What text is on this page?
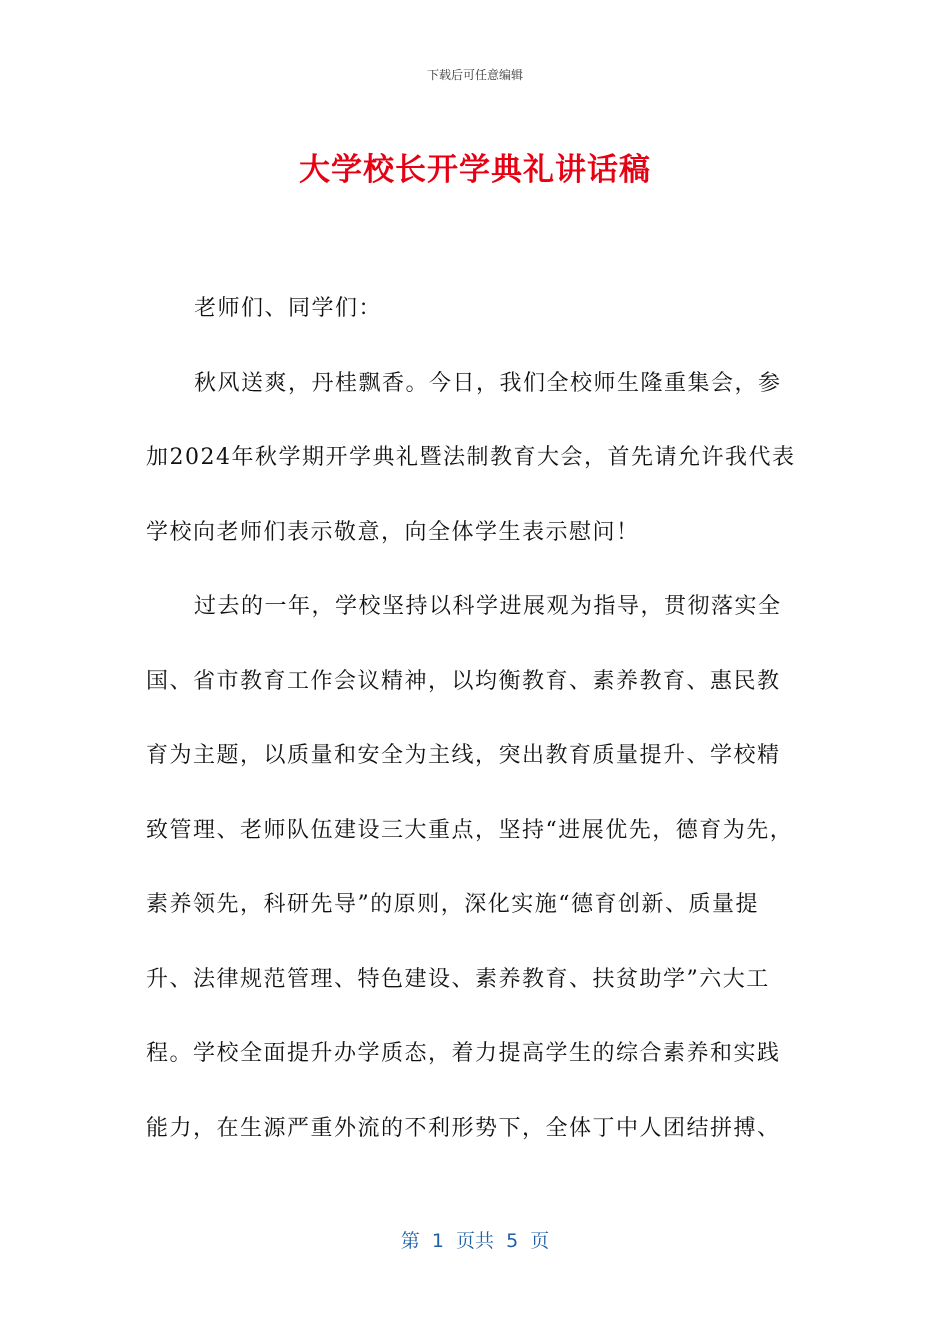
下载后可任意编辑
大学校长开学典礼讲话稿

老师们、同学们：

秋风送爽，丹桂飘香。今日，我们全校师生隆重集会，参

加2024年秋学期开学典礼暨法制教育大会，首先请允许我代表
学校向老师们表示敬意，向全体学生表示慰问！

过去的一年，学校坚持以科学进展观为指导，贯彻落实全

国、省市教育工作会议精神，以均衡教育、素养教育、惠民教
育为主题，以质量和安全为主线，突出教育质量提升、学校精
致管理、老师队伍建设三大重点，坚持“进展优先，德育为先，
素养领先，科研先导”的原则，深化实施“德育创新、质量提
升、法律规范管理、特色建设、素养教育、扶贫助学”六大工
程。学校全面提升办学质态，着力提高学生的综合素养和实践
能力，在生源严重外流的不利形势下，全体丁中人团结拼搏、
第  1  页共  5  页
